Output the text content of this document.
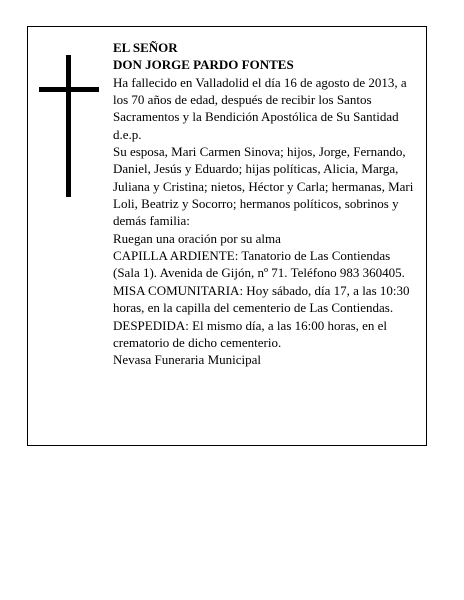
EL SEÑOR

DON JORGE PARDO FONTES

Ha fallecido en Valladolid el día 16 de agosto de 2013, a los 70 años de edad, después de recibir los Santos Sacramentos y la Bendición Apostólica de Su Santidad d.e.p.

Su esposa, Mari Carmen Sinova; hijos, Jorge, Fernando, Daniel, Jesús y Eduardo; hijas políticas, Alicia, Marga, Juliana y Cristina; nietos, Héctor y Carla; hermanas, Mari Loli, Beatriz y Socorro; hermanos políticos, sobrinos y demás familia:

Ruegan una oración por su alma

CAPILLA ARDIENTE: Tanatorio de Las Contiendas (Sala 1). Avenida de Gijón, nº 71. Teléfono 983 360405.

MISA COMUNITARIA: Hoy sábado, día 17, a las 10:30 horas, en la capilla del cementerio de Las Contiendas.

DESPEDIDA: El mismo día, a las 16:00 horas, en el crematorio de dicho cementerio.

Nevasa Funeraria Municipal
